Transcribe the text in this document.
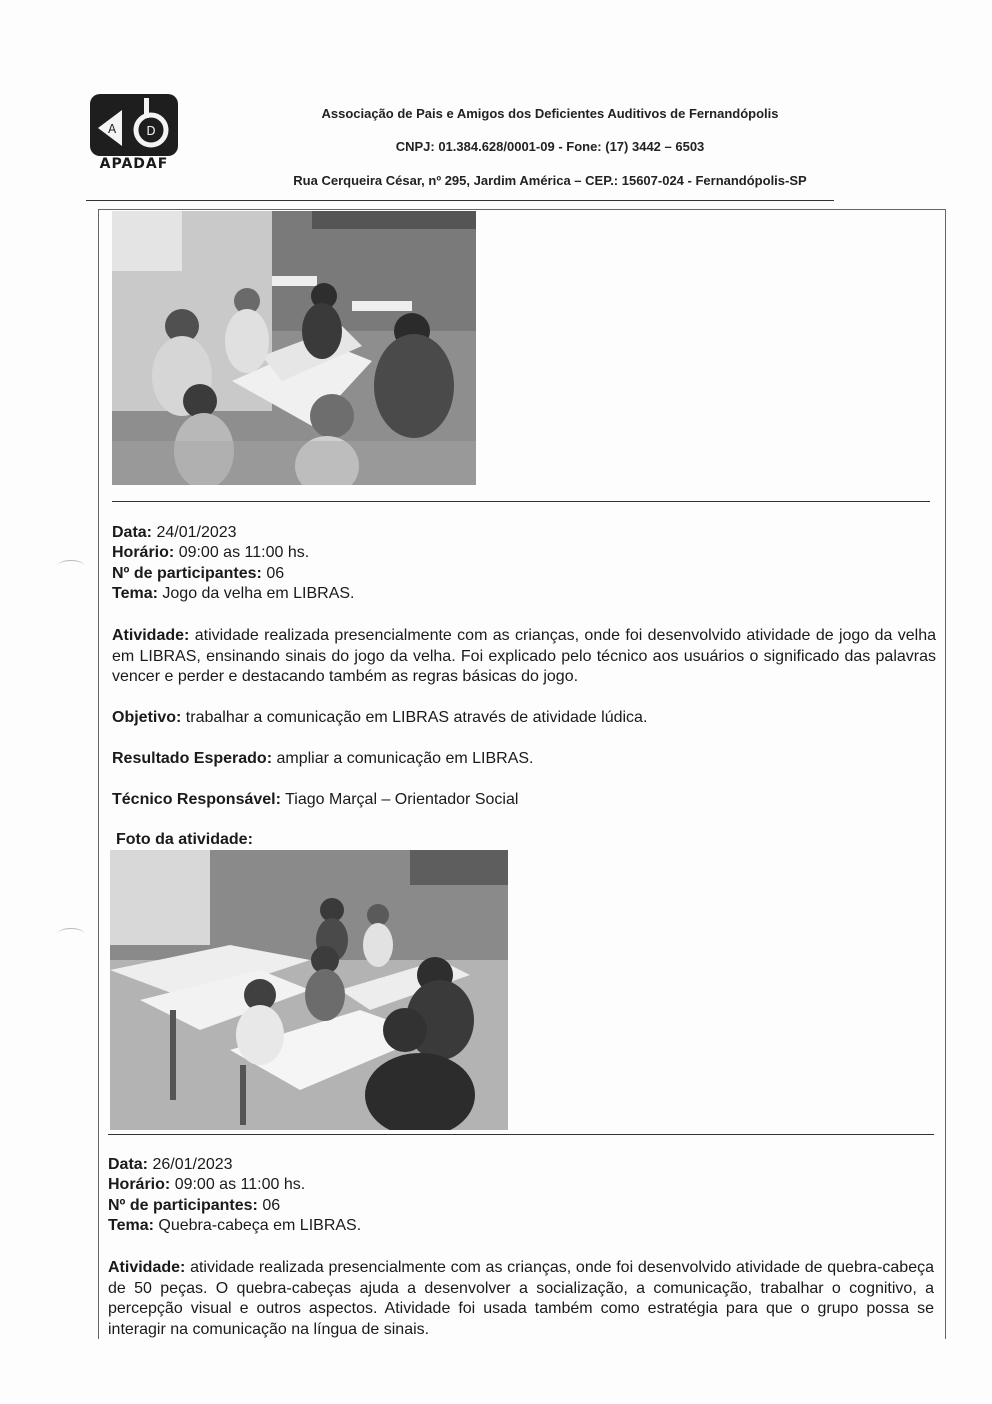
A	D
APADAF
Associação de Pais e Amigos dos Deficientes Auditivos de Fernandópolis
CNPJ: 01.384.628/0001-09 - Fone: (17) 3442 – 6503
Rua Cerqueira César, nº 295, Jardim América – CEP.: 15607-024 - Fernandópolis-SP
Data: 24/01/2023
Horário: 09:00 as 11:00 hs.
Nº de participantes: 06
Tema: Jogo da velha em LIBRAS.
Atividade: atividade realizada presencialmente com as crianças, onde foi desenvolvido atividade de jogo da velha em LIBRAS, ensinando sinais do jogo da velha. Foi explicado pelo técnico aos usuários o significado das palavras vencer e perder e destacando também as regras básicas do jogo.
Objetivo: trabalhar a comunicação em LIBRAS através de atividade lúdica.
Resultado Esperado: ampliar a comunicação em LIBRAS.
Técnico Responsável: Tiago Marçal – Orientador Social
Foto da atividade:
Data: 26/01/2023
Horário: 09:00 as 11:00 hs.
Nº de participantes: 06
Tema: Quebra-cabeça em LIBRAS.
Atividade: atividade realizada presencialmente com as crianças, onde foi desenvolvido atividade de quebra-cabeça de 50 peças. O quebra-cabeças ajuda a desenvolver a socialização, a comunicação, trabalhar o cognitivo, a percepção visual e outros aspectos. Atividade foi usada também como estratégia para que o grupo possa se interagir na comunicação na língua de sinais.
